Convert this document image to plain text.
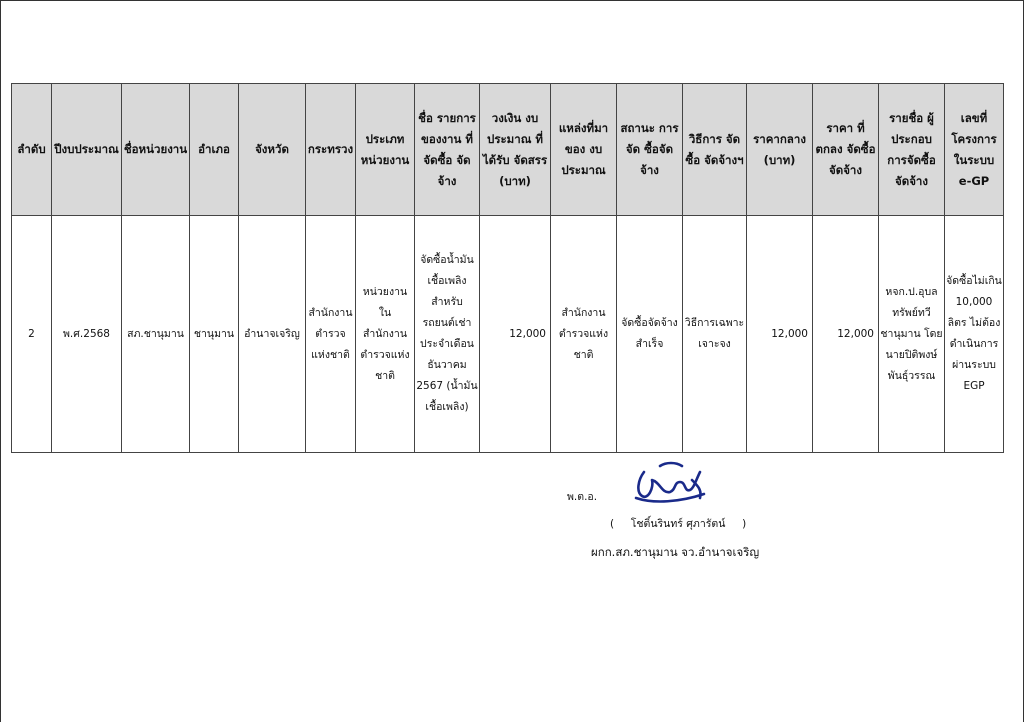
ลำดับ	ปีงบประมาณ	ชื่อหน่วยงาน	อำเภอ	จังหวัด	กระทรวง	ประเภท หน่วยงาน	ชื่อ รายการ ของงาน ที่จัดซื้อ จัดจ้าง	วงเงิน งบประมาณ ที่ได้รับ จัดสรร (บาท)	แหล่งที่มา ของ งบประมาณ	สถานะ การจัด ซื้อจัดจ้าง	วิธีการ จัดซื้อ จัดจ้างฯ	ราคากลาง (บาท)	ราคา ที่ตกลง จัดซื้อ จัดจ้าง	รายชื่อ ผู้ประกอบ การจัดซื้อ จัดจ้าง	เลขที่ โครงการ ในระบบ e-GP
2	พ.ศ.2568	สภ.ชานุมาน	ชานุมาน	อำนาจเจริญ	สำนักงานตำรวจแห่งชาติ	หน่วยงานในสำนักงานตำรวจแห่งชาติ	จัดซื้อน้ำมันเชื้อเพลิง สำหรับรถยนต์เช่า ประจำเดือน ธันวาคม 2567 (น้ำมันเชื้อเพลิง)	12,000	สำนักงานตำรวจแห่งชาติ	จัดซื้อจัดจ้าง สำเร็จ	วิธีการเฉพาะ เจาะจง	12,000	12,000	หจก.ป.อุบลทรัพย์ทวี ชานุมาน โดยนายปิติพงษ์ พันธุ์วรรณ	จัดซื้อไม่เกิน 10,000 ลิตร ไม่ต้องดำเนินการผ่านระบบ EGP
พ.ต.อ.
(     โชติ์นรินทร์ ศุภารัตน์     )
ผกก.สภ.ชานุมาน จว.อำนาจเจริญ
